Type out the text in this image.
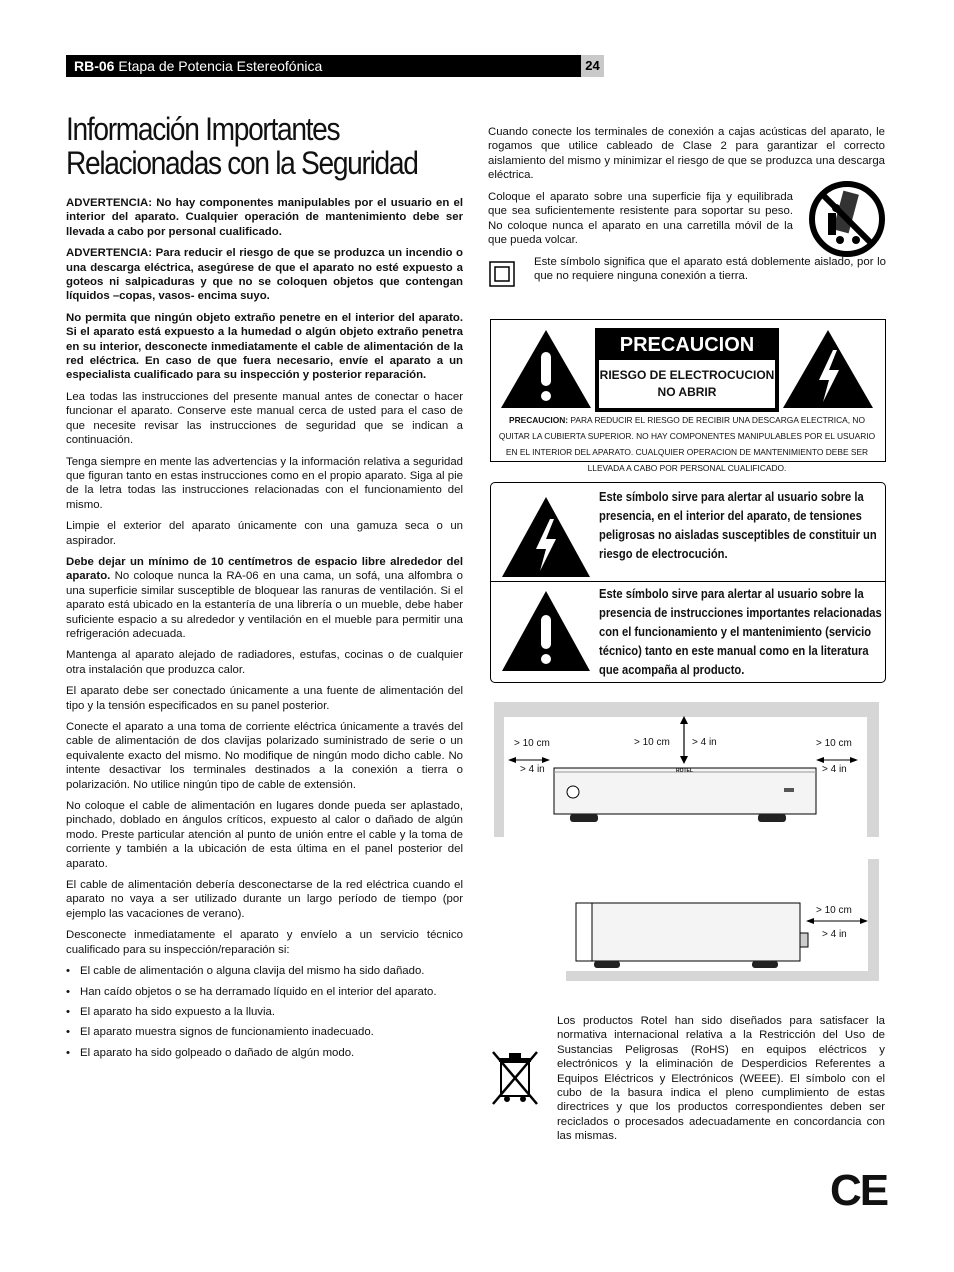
RB-06 Etapa de Potencia Estereofónica	24
Información Importantes Relacionadas con la Seguridad

ADVERTENCIA: No hay componentes manipulables por el usuario en el interior del aparato. Cualquier operación de mantenimiento debe ser llevada a cabo por personal cualificado.

ADVERTENCIA: Para reducir el riesgo de que se produzca un incendio o una descarga eléctrica, asegúrese de que el aparato no esté expuesto a goteos ni salpicaduras y que no se coloquen objetos que contengan líquidos –copas, vasos- encima suyo.

No permita que ningún objeto extraño penetre en el interior del aparato. Si el aparato está expuesto a la humedad o algún objeto extraño penetra en su interior, desconecte inmediatamente el cable de alimentación de la red eléctrica. En caso de que fuera necesario, envíe el aparato a un especialista cualificado para su inspección y posterior reparación.

Lea todas las instrucciones del presente manual antes de conectar o hacer funcionar el aparato. Conserve este manual cerca de usted para el caso de que necesite revisar las instrucciones de seguridad que se indican a continuación.

Tenga siempre en mente las advertencias y la información relativa a seguridad que figuran tanto en estas instrucciones como en el propio aparato. Siga al pie de la letra todas las instrucciones relacionadas con el funcionamiento del mismo.

Limpie el exterior del aparato únicamente con una gamuza seca o un aspirador.

Debe dejar un mínimo de 10 centímetros de espacio libre alrededor del aparato. No coloque nunca la RA-06 en una cama, un sofá, una alfombra o una superficie similar susceptible de bloquear las ranuras de ventilación. Si el aparato está ubicado en la estantería de una librería o un mueble, debe haber suficiente espacio a su alrededor y ventilación en el mueble para permitir una refrigeración adecuada.

Mantenga al aparato alejado de radiadores, estufas, cocinas o de cualquier otra instalación que produzca calor.

El aparato debe ser conectado únicamente a una fuente de alimentación del tipo y la tensión especificados en su panel posterior.

Conecte el aparato a una toma de corriente eléctrica únicamente a través del cable de alimentación de dos clavijas polarizado suministrado de serie o un equivalente exacto del mismo. No modifique de ningún modo dicho cable. No intente desactivar los terminales destinados a la conexión a tierra o polarización. No utilice ningún tipo de cable de extensión.

No coloque el cable de alimentación en lugares donde pueda ser aplastado, pinchado, doblado en ángulos críticos, expuesto al calor o dañado de algún modo. Preste particular atención al punto de unión entre el cable y la toma de corriente y también a la ubicación de esta última en el panel posterior del aparato.

El cable de alimentación debería desconectarse de la red eléctrica cuando el aparato no vaya a ser utilizado durante un largo período de tiempo (por ejemplo las vacaciones de verano).

Desconecte inmediatamente el aparato y envíelo a un servicio técnico cualificado para su inspección/reparación si:

• El cable de alimentación o alguna clavija del mismo ha sido dañado.
• Han caído objetos o se ha derramado líquido en el interior del aparato.
• El aparato ha sido expuesto a la lluvia.
• El aparato muestra signos de funcionamiento inadecuado.
• El aparato ha sido golpeado o dañado de algún modo.
Cuando conecte los terminales de conexión a cajas acústicas del aparato, le rogamos que utilice cableado de Clase 2 para garantizar el correcto aislamiento del mismo y minimizar el riesgo de que se produzca una descarga eléctrica.
Coloque el aparato sobre una superficie fija y equilibrada que sea suficientemente resistente para soportar su peso. No coloque nunca el aparato en una carretilla móvil de la que pueda volcar.
Este símbolo significa que el aparato está doblemente aislado, por lo que no requiere ninguna conexión a tierra.
PRECAUCION
RIESGO DE ELECTROCUCION
NO ABRIR
PRECAUCION: PARA REDUCIR EL RIESGO DE RECIBIR UNA DESCARGA ELECTRICA, NO QUITAR LA CUBIERTA SUPERIOR. NO HAY COMPONENTES MANIPULABLES POR EL USUARIO EN EL INTERIOR DEL APARATO. CUALQUIER OPERACION DE MANTENIMIENTO DEBE SER LLEVADA A CABO POR PERSONAL CUALIFICADO.
Este símbolo sirve para alertar al usuario sobre la presencia, en el interior del aparato, de tensiones peligrosas no aisladas susceptibles de constituir un riesgo de electrocución.
Este símbolo sirve para alertar al usuario sobre la presencia de instrucciones importantes relacionadas con el funcionamiento y el mantenimiento (servicio técnico) tanto en este manual como en la literatura que acompaña al producto.
> 10 cm
> 4 in
> 10 cm > 4 in	> 10 cm
> 4 in
ROTEL
> 10 cm
> 4 in
Los productos Rotel han sido diseñados para satisfacer la normativa internacional relativa a la Restricción del Uso de Sustancias Peligrosas (RoHS) en equipos eléctricos y electrónicos y la eliminación de Desperdicios Referentes a Equipos Eléctricos y Electrónicos (WEEE). El símbolo con el cubo de la basura indica el pleno cumplimiento de estas directrices y que los productos correspondientes deben ser reciclados o procesados adecuadamente en concordancia con las mismas.
CE
